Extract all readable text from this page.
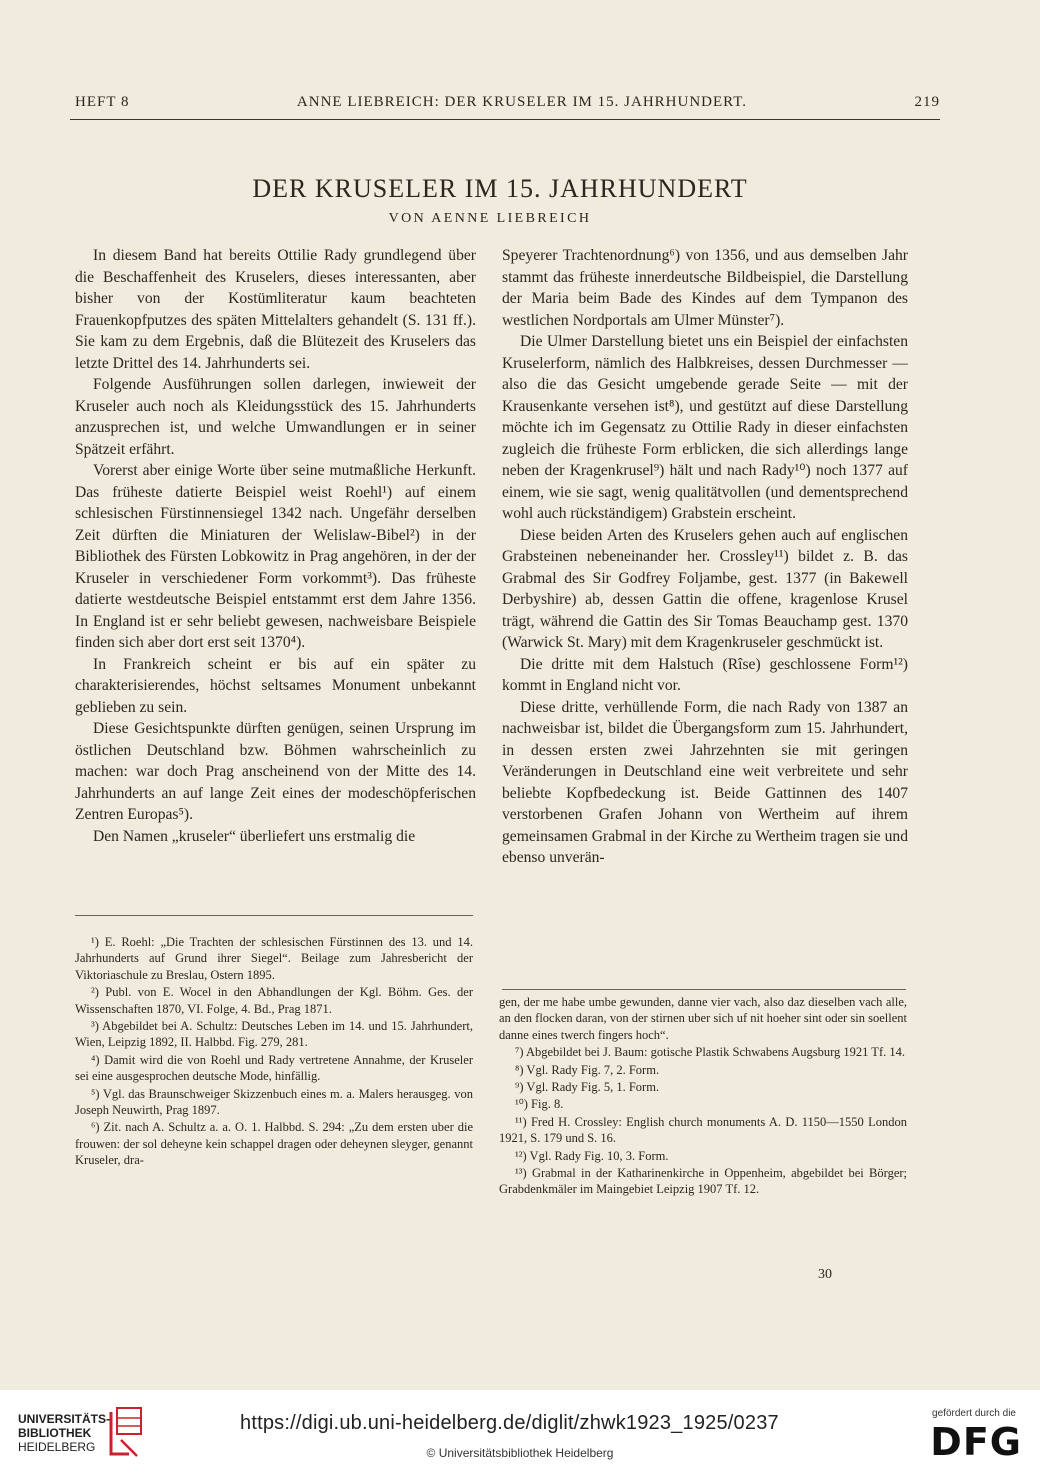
HEFT 8	ANNE LIEBREICH: DER KRUSELER IM 15. JAHRHUNDERT.	219
DER KRUSELER IM 15. JAHRHUNDERT
VON AENNE LIEBREICH

In diesem Band hat bereits Ottilie Rady grundlegend über die Beschaffenheit des Kruselers, dieses interessanten, aber bisher von der Kostümliteratur kaum beachteten Frauenkopfputzes des späten Mittelalters gehandelt (S. 131 ff.). Sie kam zu dem Ergebnis, daß die Blütezeit des Kruselers das letzte Drittel des 14. Jahrhunderts sei.

Folgende Ausführungen sollen darlegen, inwieweit der Kruseler auch noch als Kleidungsstück des 15. Jahrhunderts anzusprechen ist, und welche Umwandlungen er in seiner Spätzeit erfährt.

Vorerst aber einige Worte über seine mutmaßliche Herkunft. Das früheste datierte Beispiel weist Roehl¹) auf einem schlesischen Fürstinnensiegel 1342 nach. Ungefähr derselben Zeit dürften die Miniaturen der Welislaw-Bibel²) in der Bibliothek des Fürsten Lobkowitz in Prag angehören, in der der Kruseler in verschiedener Form vorkommt³). Das früheste datierte westdeutsche Beispiel entstammt erst dem Jahre 1356. In England ist er sehr beliebt gewesen, nachweisbare Beispiele finden sich aber dort erst seit 1370⁴).

In Frankreich scheint er bis auf ein später zu charakterisierendes, höchst seltsames Monument unbekannt geblieben zu sein.

Diese Gesichtspunkte dürften genügen, seinen Ursprung im östlichen Deutschland bzw. Böhmen wahrscheinlich zu machen: war doch Prag anscheinend von der Mitte des 14. Jahrhunderts an auf lange Zeit eines der modeschöpferischen Zentren Europas⁵).

Den Namen „kruseler“ überliefert uns erstmalig die

Speyerer Trachtenordnung⁶) von 1356, und aus demselben Jahr stammt das früheste innerdeutsche Bildbeispiel, die Darstellung der Maria beim Bade des Kindes auf dem Tympanon des westlichen Nordportals am Ulmer Münster⁷).

Die Ulmer Darstellung bietet uns ein Beispiel der einfachsten Kruselerform, nämlich des Halbkreises, dessen Durchmesser — also die das Gesicht umgebende gerade Seite — mit der Krausenkante versehen ist⁸), und gestützt auf diese Darstellung möchte ich im Gegensatz zu Ottilie Rady in dieser einfachsten zugleich die früheste Form erblicken, die sich allerdings lange neben der Kragenkrusel⁹) hält und nach Rady¹⁰) noch 1377 auf einem, wie sie sagt, wenig qualitätvollen (und dementsprechend wohl auch rückständigem) Grabstein erscheint.

Diese beiden Arten des Kruselers gehen auch auf englischen Grabsteinen nebeneinander her. Crossley¹¹) bildet z. B. das Grabmal des Sir Godfrey Foljambe, gest. 1377 (in Bakewell Derbyshire) ab, dessen Gattin die offene, kragenlose Krusel trägt, während die Gattin des Sir Tomas Beauchamp gest. 1370 (Warwick St. Mary) mit dem Kragenkruseler geschmückt ist.

Die dritte mit dem Halstuch (Rîse) geschlossene Form¹²) kommt in England nicht vor.

Diese dritte, verhüllende Form, die nach Rady von 1387 an nachweisbar ist, bildet die Übergangsform zum 15. Jahrhundert, in dessen ersten zwei Jahrzehnten sie mit geringen Veränderungen in Deutschland eine weit verbreitete und sehr beliebte Kopfbedeckung ist. Beide Gattinnen des 1407 verstorbenen Grafen Johann von Wertheim auf ihrem gemeinsamen Grabmal in der Kirche zu Wertheim tragen sie und ebenso unverän-

¹) E. Roehl: „Die Trachten der schlesischen Fürstinnen des 13. und 14. Jahrhunderts auf Grund ihrer Siegel“. Beilage zum Jahresbericht der Viktoriaschule zu Breslau, Ostern 1895.

²) Publ. von E. Wocel in den Abhandlungen der Kgl. Böhm. Ges. der Wissenschaften 1870, VI. Folge, 4. Bd., Prag 1871.

³) Abgebildet bei A. Schultz: Deutsches Leben im 14. und 15. Jahrhundert, Wien, Leipzig 1892, II. Halbbd. Fig. 279, 281.

⁴) Damit wird die von Roehl und Rady vertretene Annahme, der Kruseler sei eine ausgesprochen deutsche Mode, hinfällig.

⁵) Vgl. das Braunschweiger Skizzenbuch eines m. a. Malers herausgeg. von Joseph Neuwirth, Prag 1897.

⁶) Zit. nach A. Schultz a. a. O. 1. Halbbd. S. 294: „Zu dem ersten uber die frouwen: der sol deheyne kein schappel dragen oder deheynen sleyger, genannt Kruseler, dra-

gen, der me habe umbe gewunden, danne vier vach, also daz dieselben vach alle, an den flocken daran, von der stirnen uber sich uf nit hoeher sint oder sin soellent danne eines twerch fingers hoch“.

⁷) Abgebildet bei J. Baum: gotische Plastik Schwabens Augsburg 1921 Tf. 14.

⁸) Vgl. Rady Fig. 7, 2. Form.

⁹) Vgl. Rady Fig. 5, 1. Form.

¹⁰) Fig. 8.

¹¹) Fred H. Crossley: English church monuments A. D. 1150—1550 London 1921, S. 179 und S. 16.

¹²) Vgl. Rady Fig. 10, 3. Form.

¹³) Grabmal in der Katharinenkirche in Oppenheim, abgebildet bei Börger; Grabdenkmäler im Maingebiet Leipzig 1907 Tf. 12.

30
UNIVERSITÄTS-
BIBLIOTHEK
HEIDELBERG
https://digi.ub.uni-heidelberg.de/diglit/zhwk1923_1925/0237
© Universitätsbibliothek Heidelberg
gefördert durch die
DFG
